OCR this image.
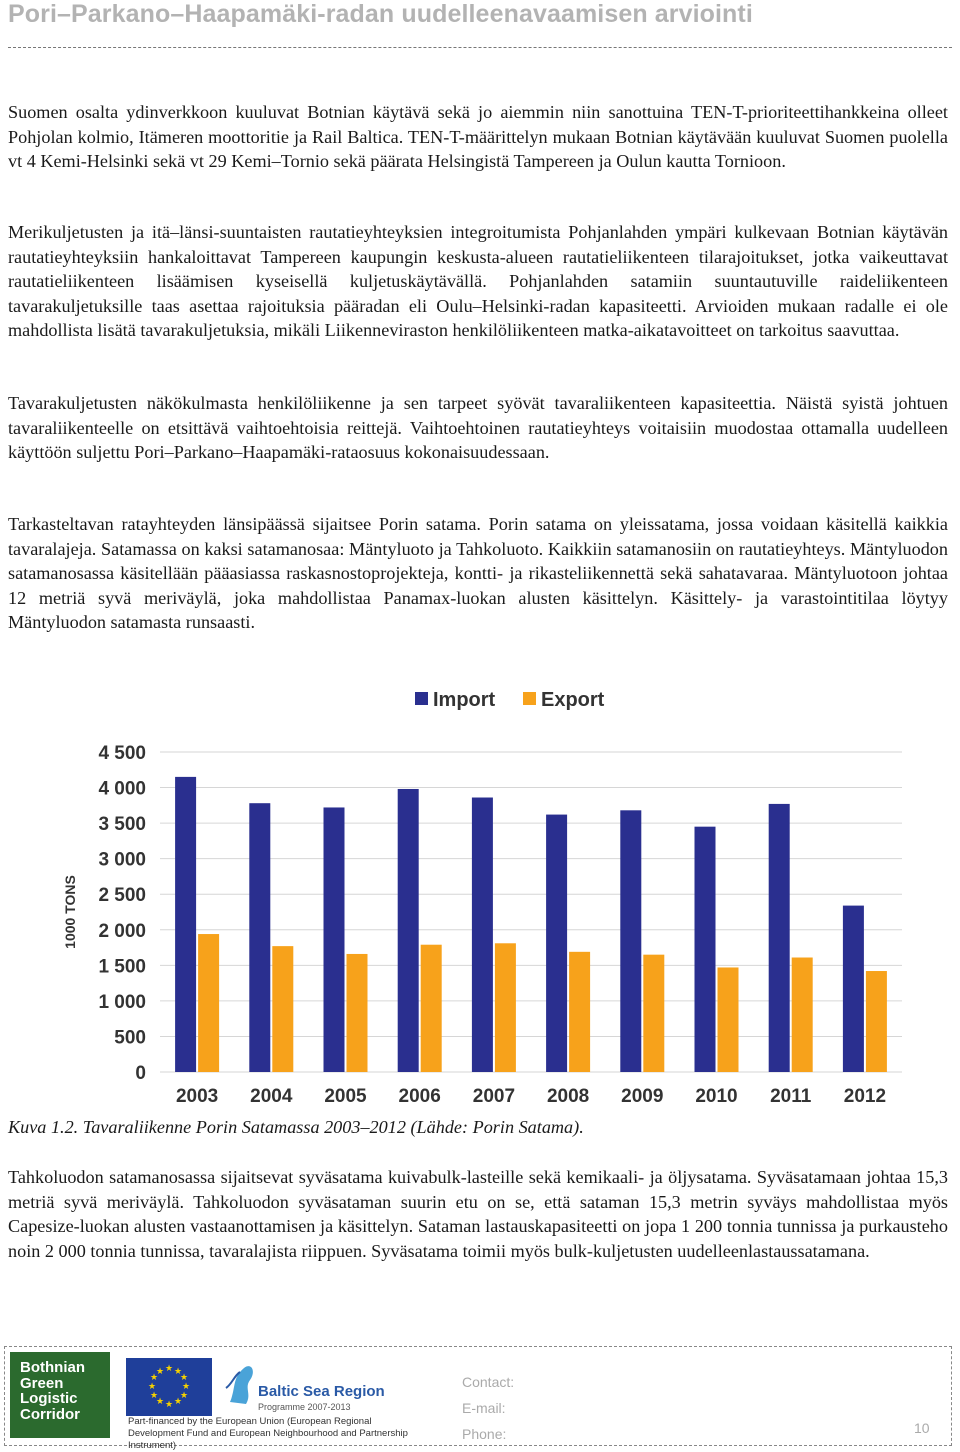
Pori–Parkano–Haapamäki-radan uudelleenavaamisen arviointi

Suomen osalta ydinverkkoon kuuluvat Botnian käytävä sekä jo aiemmin niin sanottuina TEN-T-prioriteettihankkeina olleet Pohjolan kolmio, Itämeren moottoritie ja Rail Baltica. TEN-T-määrittelyn mukaan Botnian käytävään kuuluvat Suomen puolella vt 4 Kemi-Helsinki sekä vt 29 Kemi–Tornio sekä päärata Helsingistä Tampereen ja Oulun kautta Tornioon.

Merikuljetusten ja itä–länsi-suuntaisten rautatieyhteyksien integroitumista Pohjanlahden ympäri kulkevaan Botnian käytävän rautatieyhteyksiin hankaloittavat Tampereen kaupungin keskusta-alueen rautatieliikenteen tilarajoitukset, jotka vaikeuttavat rautatieliikenteen lisäämisen kyseisellä kuljetuskäytävällä. Pohjanlahden satamiin suuntautuville raideliikenteen tavarakuljetuksille taas asettaa rajoituksia pääradan eli Oulu–Helsinki-radan kapasiteetti. Arvioiden mukaan radalle ei ole mahdollista lisätä tavarakuljetuksia, mikäli Liikenneviraston henkilöliikenteen matka-aikatavoitteet on tarkoitus saavuttaa.

Tavarakuljetusten näkökulmasta henkilöliikenne ja sen tarpeet syövät tavaraliikenteen kapasiteettia. Näistä syistä johtuen tavaraliikenteelle on etsittävä vaihtoehtoisia reittejä. Vaihtoehtoinen rautatieyhteys voitaisiin muodostaa ottamalla uudelleen käyttöön suljettu Pori–Parkano–Haapamäki-rataosuus kokonaisuudessaan.

Tarkasteltavan ratayhteyden länsipäässä sijaitsee Porin satama. Porin satama on yleissatama, jossa voidaan käsitellä kaikkia tavaralajeja. Satamassa on kaksi satamanosaa: Mäntyluoto ja Tahkoluoto. Kaikkiin satamanosiin on rautatieyhteys. Mäntyluodon satamanosassa käsitellään pääasiassa raskasnostoprojekteja, kontti- ja rikasteliikennettä sekä sahatavaraa. Mäntyluotoon johtaa 12 metriä syvä meriväylä, joka mahdollistaa Panamax-luokan alusten käsittelyn. Käsittely- ja varastointitilaa löytyy Mäntyluodon satamasta runsaasti.

0
500
1 000
1 500
2 000
2 500
3 000
3 500
4 000
4 500
1000 TONS
2003 2004 2005 2006 2007 2008 2009 2010 2011 2012
Import Export
Kuva 1.2. Tavaraliikenne Porin Satamassa 2003–2012 (Lähde: Porin Satama).

Tahkoluodon satamanosassa sijaitsevat syväsatama kuivabulk-lasteille sekä kemikaali- ja öljysatama. Syväsatamaan johtaa 15,3 metriä syvä meriväylä. Tahkoluodon syväsataman suurin etu on se, että sataman 15,3 metrin syväys mahdollistaa myös Capesize-luokan alusten vastaanottamisen ja käsittelyn. Sataman lastauskapasiteetti on jopa 1 200 tonnia tunnissa ja purkausteho noin 2 000 tonnia tunnissa, tavaralajista riippuen. Syväsatama toimii myös bulk-kuljetusten uudelleenlastaussatamana.

Bothnian
Green
Logistic
Corridor
★ ★
★
★
★
★
★
★
★
★
★
★
Baltic Sea Region
Programme 2007-2013
Part-financed by the European Union (European Regional Development Fund and European Neighbourhood and Partnership Instrument)
Contact:
E-mail:
Phone:	10
